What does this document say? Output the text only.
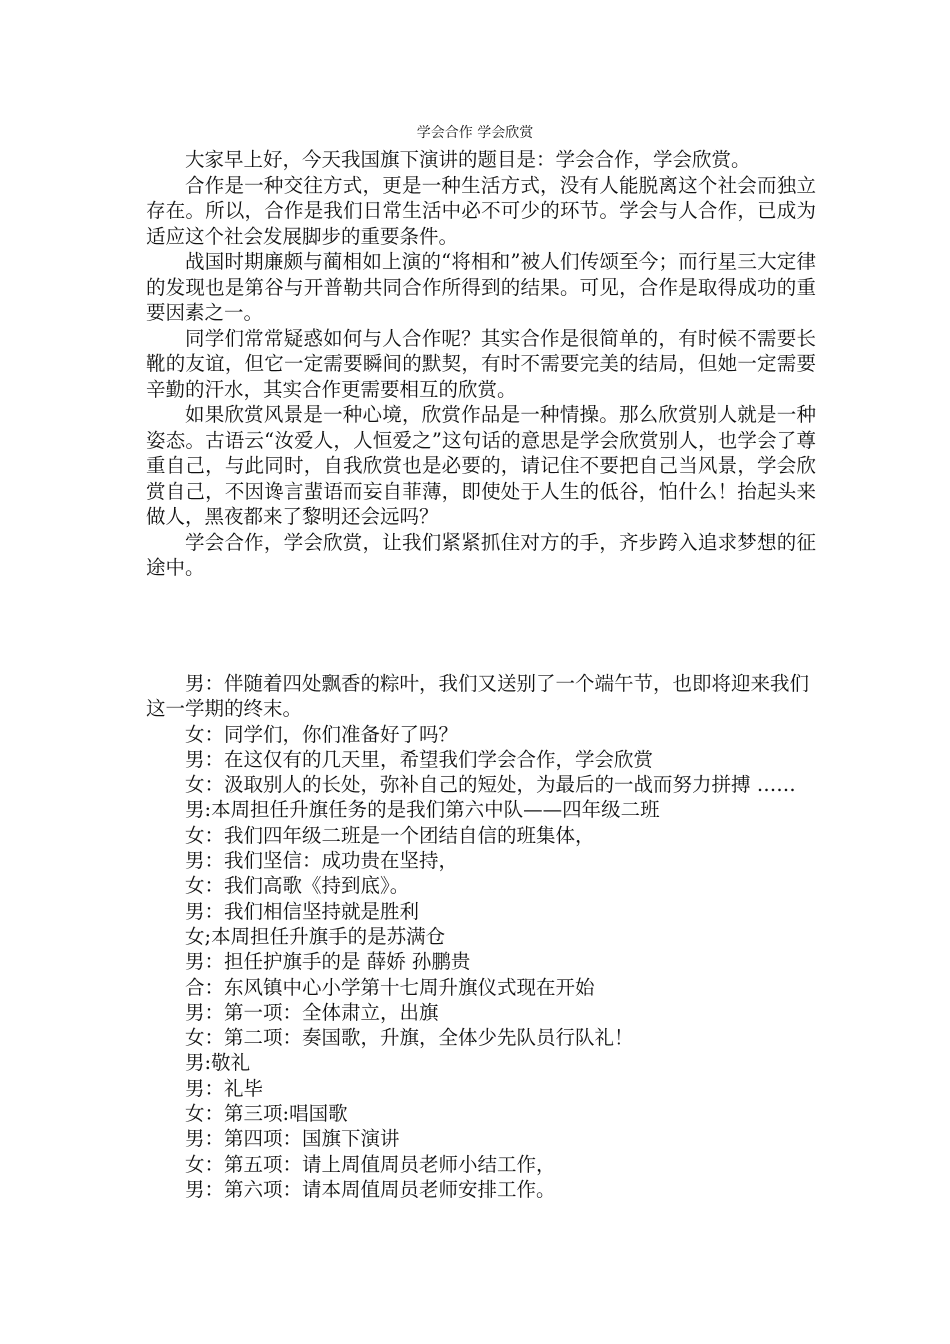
学会合作 学会欣赏

大家早上好，今天我国旗下演讲的题目是：学会合作，学会欣赏。

合作是一种交往方式，更是一种生活方式，没有人能脱离这个社会而独立存在。所以，合作是我们日常生活中必不可少的环节。学会与人合作，已成为适应这个社会发展脚步的重要条件。

战国时期廉颇与蔺相如上演的“将相和”被人们传颂至今；而行星三大定律的发现也是第谷与开普勒共同合作所得到的结果。可见，合作是取得成功的重要因素之一。

同学们常常疑惑如何与人合作呢？其实合作是很简单的，有时候不需要长靴的友谊，但它一定需要瞬间的默契，有时不需要完美的结局，但她一定需要辛勤的汗水，其实合作更需要相互的欣赏。

如果欣赏风景是一种心境，欣赏作品是一种情操。那么欣赏别人就是一种姿态。古语云“汝爱人，人恒爱之”这句话的意思是学会欣赏别人，也学会了尊重自己，与此同时，自我欣赏也是必要的，请记住不要把自己当风景，学会欣赏自己，不因谗言蜚语而妄自菲薄，即使处于人生的低谷，怕什么！抬起头来做人，黑夜都来了黎明还会远吗？

学会合作，学会欣赏，让我们紧紧抓住对方的手，齐步跨入追求梦想的征途中。

男：伴随着四处飘香的粽叶，我们又送别了一个端午节，也即将迎来我们这一学期的终末。

女：同学们，你们准备好了吗？

男：在这仅有的几天里，希望我们学会合作，学会欣赏

女：汲取别人的长处，弥补自己的短处，为最后的一战而努力拼搏 ……

男:本周担任升旗任务的是我们第六中队——四年级二班

女：我们四年级二班是一个团结自信的班集体，

男：我们坚信：成功贵在坚持，

女：我们高歌《持到底》。

男：我们相信坚持就是胜利

女;本周担任升旗手的是苏满仓

男：担任护旗手的是 薛娇 孙鹏贵

合：东风镇中心小学第十七周升旗仪式现在开始

男：第一项：全体肃立，出旗

女：第二项：奏国歌，升旗，全体少先队员行队礼！

男:敬礼

男：礼毕

女：第三项:唱国歌

男：第四项：国旗下演讲

女：第五项：请上周值周员老师小结工作，

男：第六项：请本周值周员老师安排工作。
